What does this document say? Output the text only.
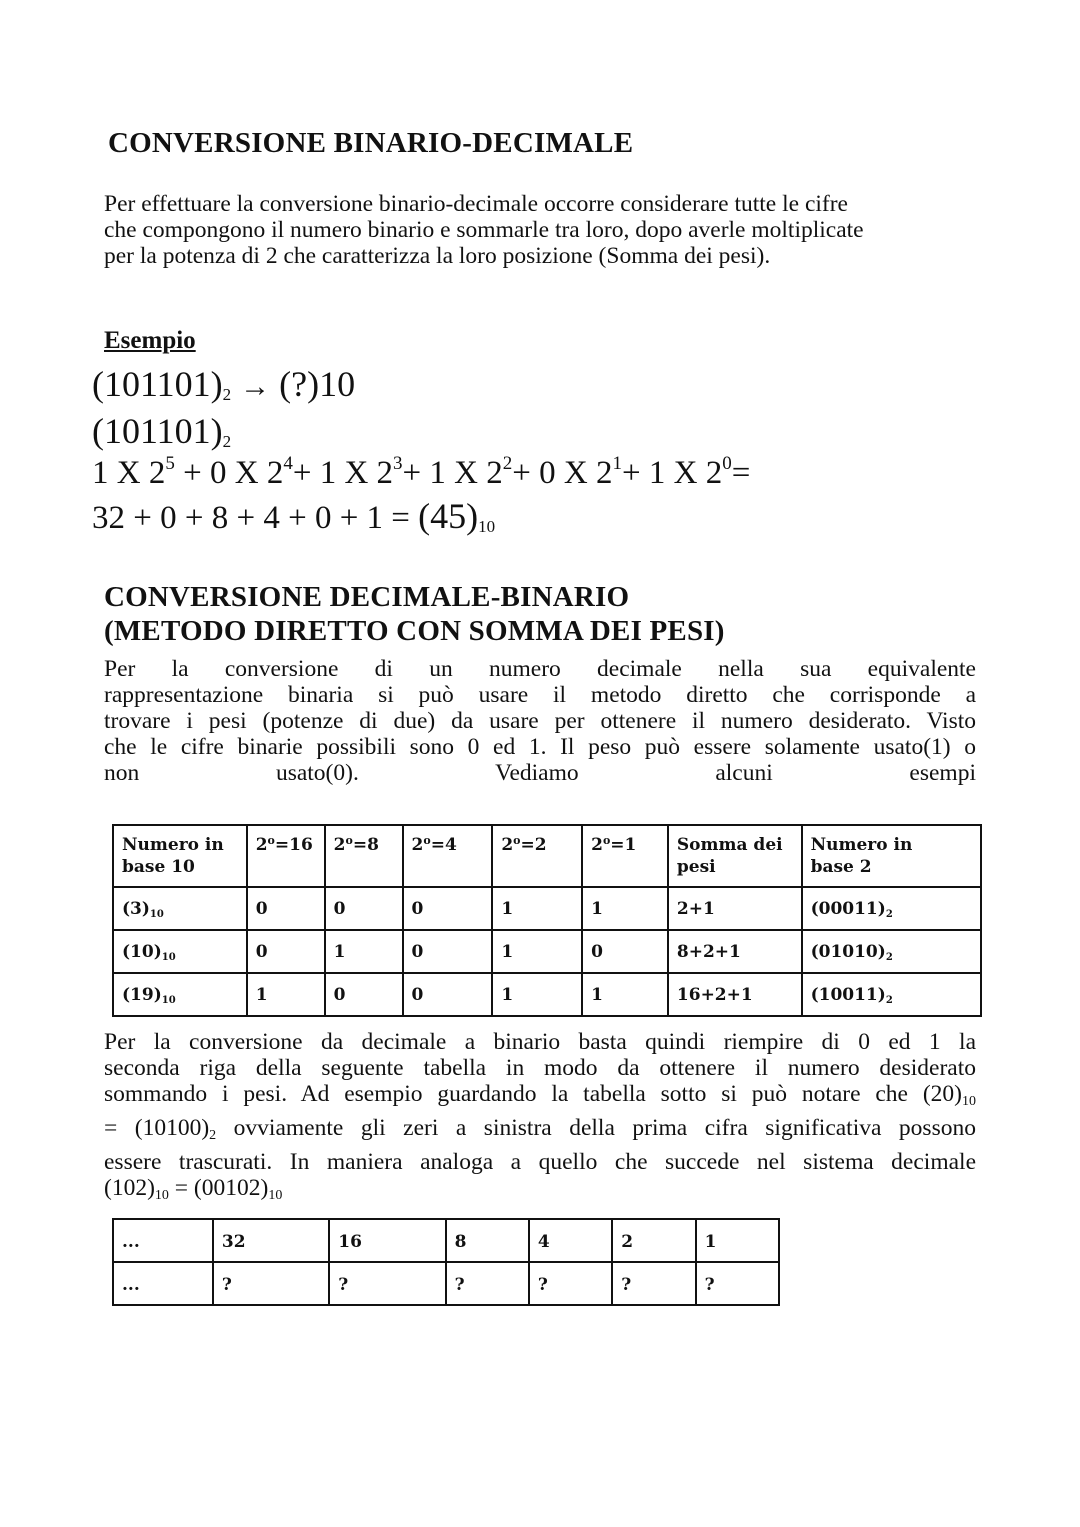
CONVERSIONE BINARIO-DECIMALE

Per effettuare la conversione binario-decimale occorre considerare tutte le cifre

che compongono il numero binario e sommarle tra loro, dopo averle moltiplicate

per la potenza di 2 che caratterizza la loro posizione (Somma dei pesi).

Esempio
$(101101)_2$ → (?)10
$(101101)_2$
1 X $2^5 + 0$ X $2^4+ 1$ X $2^3+ 1$ X $2^2+ 0$ X $2^1+ 1$ X $2^0=$
$32 + 0 + 8 + 4 + 0 + 1 = (45)_{10}$
CONVERSIONE DECIMALE-BINARIO
(METODO DIRETTO CON SOMMA DEI PESI)

Per la conversione di un numero decimale nella sua equivalente

rappresentazione binaria si può usare il metodo diretto che corrisponde a

trovare i pesi (potenze di due) da usare per ottenere il numero desiderato. Visto

che le cifre binarie possibili sono 0 ed 1. Il peso può essere solamente usato(1) o

non usato(0). Vediamo alcuni esempi

Numero in
base 10	$2^o=16$	$2^o=8$	$2^o=4$	$2^o=2$	$2^o=1$	Somma dei
pesi	Numero in
base 2
$(3)_{10}$	0	0	0	1	1	2+1	$(00011)_2$
$(10)_{10}$	0	1	0	1	0	8+2+1	$(01010)_2$
$(19)_{10}$	1	0	0	1	1	16+2+1	$(10011)_2$

Per la conversione da decimale a binario basta quindi riempire di 0 ed 1 la

seconda riga della seguente tabella in modo da ottenere il numero desiderato

sommando i pesi. Ad esempio guardando la tabella sotto si può notare che $(20)_{10}$

= $(10100)_2$ ovviamente gli zeri a sinistra della prima cifra significativa possono

essere trascurati. In maniera analoga a quello che succede nel sistema decimale

$(102)_{10} = (00102)_{10}$

...	32	16	8	4	2	1
...	?	?	?	?	?	?
